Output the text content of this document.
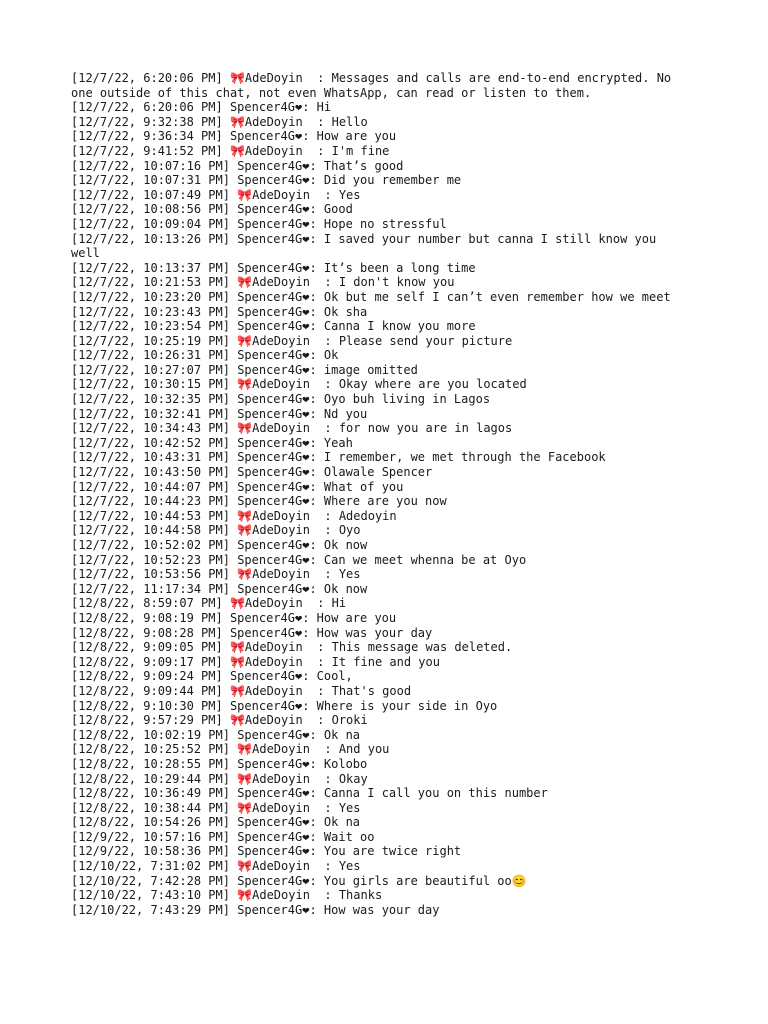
[12/7/22, 6:20:06 PM] 🎀AdeDoyin  : Messages and calls are end-to-end encrypted. No one outside of this chat, not even WhatsApp, can read or listen to them.
[12/7/22, 6:20:06 PM] Spencer4G❤: Hi
[12/7/22, 9:32:38 PM] 🎀AdeDoyin  : Hello
[12/7/22, 9:36:34 PM] Spencer4G❤: How are you
[12/7/22, 9:41:52 PM] 🎀AdeDoyin  : I'm fine
[12/7/22, 10:07:16 PM] Spencer4G❤: That’s good
[12/7/22, 10:07:31 PM] Spencer4G❤: Did you remember me
[12/7/22, 10:07:49 PM] 🎀AdeDoyin  : Yes
[12/7/22, 10:08:56 PM] Spencer4G❤: Good
[12/7/22, 10:09:04 PM] Spencer4G❤: Hope no stressful
[12/7/22, 10:13:26 PM] Spencer4G❤: I saved your number but canna I still know you well
[12/7/22, 10:13:37 PM] Spencer4G❤: It’s been a long time
[12/7/22, 10:21:53 PM] 🎀AdeDoyin  : I don't know you
[12/7/22, 10:23:20 PM] Spencer4G❤: Ok but me self I can’t even remember how we meet
[12/7/22, 10:23:43 PM] Spencer4G❤: Ok sha
[12/7/22, 10:23:54 PM] Spencer4G❤: Canna I know you more
[12/7/22, 10:25:19 PM] 🎀AdeDoyin  : Please send your picture
[12/7/22, 10:26:31 PM] Spencer4G❤: Ok
[12/7/22, 10:27:07 PM] Spencer4G❤: image omitted
[12/7/22, 10:30:15 PM] 🎀AdeDoyin  : Okay where are you located
[12/7/22, 10:32:35 PM] Spencer4G❤: Oyo buh living in Lagos
[12/7/22, 10:32:41 PM] Spencer4G❤: Nd you
[12/7/22, 10:34:43 PM] 🎀AdeDoyin  : for now you are in lagos
[12/7/22, 10:42:52 PM] Spencer4G❤: Yeah
[12/7/22, 10:43:31 PM] Spencer4G❤: I remember, we met through the Facebook
[12/7/22, 10:43:50 PM] Spencer4G❤: Olawale Spencer
[12/7/22, 10:44:07 PM] Spencer4G❤: What of you
[12/7/22, 10:44:23 PM] Spencer4G❤: Where are you now
[12/7/22, 10:44:53 PM] 🎀AdeDoyin  : Adedoyin
[12/7/22, 10:44:58 PM] 🎀AdeDoyin  : Oyo
[12/7/22, 10:52:02 PM] Spencer4G❤: Ok now
[12/7/22, 10:52:23 PM] Spencer4G❤: Can we meet whenna be at Oyo
[12/7/22, 10:53:56 PM] 🎀AdeDoyin  : Yes
[12/7/22, 11:17:34 PM] Spencer4G❤: Ok now
[12/8/22, 8:59:07 PM] 🎀AdeDoyin  : Hi
[12/8/22, 9:08:19 PM] Spencer4G❤: How are you
[12/8/22, 9:08:28 PM] Spencer4G❤: How was your day
[12/8/22, 9:09:05 PM] 🎀AdeDoyin  : This message was deleted.
[12/8/22, 9:09:17 PM] 🎀AdeDoyin  : It fine and you
[12/8/22, 9:09:24 PM] Spencer4G❤: Cool,
[12/8/22, 9:09:44 PM] 🎀AdeDoyin  : That's good
[12/8/22, 9:10:30 PM] Spencer4G❤: Where is your side in Oyo
[12/8/22, 9:57:29 PM] 🎀AdeDoyin  : Oroki
[12/8/22, 10:02:19 PM] Spencer4G❤: Ok na
[12/8/22, 10:25:52 PM] 🎀AdeDoyin  : And you
[12/8/22, 10:28:55 PM] Spencer4G❤: Kolobo
[12/8/22, 10:29:44 PM] 🎀AdeDoyin  : Okay
[12/8/22, 10:36:49 PM] Spencer4G❤: Canna I call you on this number
[12/8/22, 10:38:44 PM] 🎀AdeDoyin  : Yes
[12/8/22, 10:54:26 PM] Spencer4G❤: Ok na
[12/9/22, 10:57:16 PM] Spencer4G❤: Wait oo
[12/9/22, 10:58:36 PM] Spencer4G❤: You are twice right
[12/10/22, 7:31:02 PM] 🎀AdeDoyin  : Yes
[12/10/22, 7:42:28 PM] Spencer4G❤: You girls are beautiful oo😊
[12/10/22, 7:43:10 PM] 🎀AdeDoyin  : Thanks
[12/10/22, 7:43:29 PM] Spencer4G❤: How was your day
